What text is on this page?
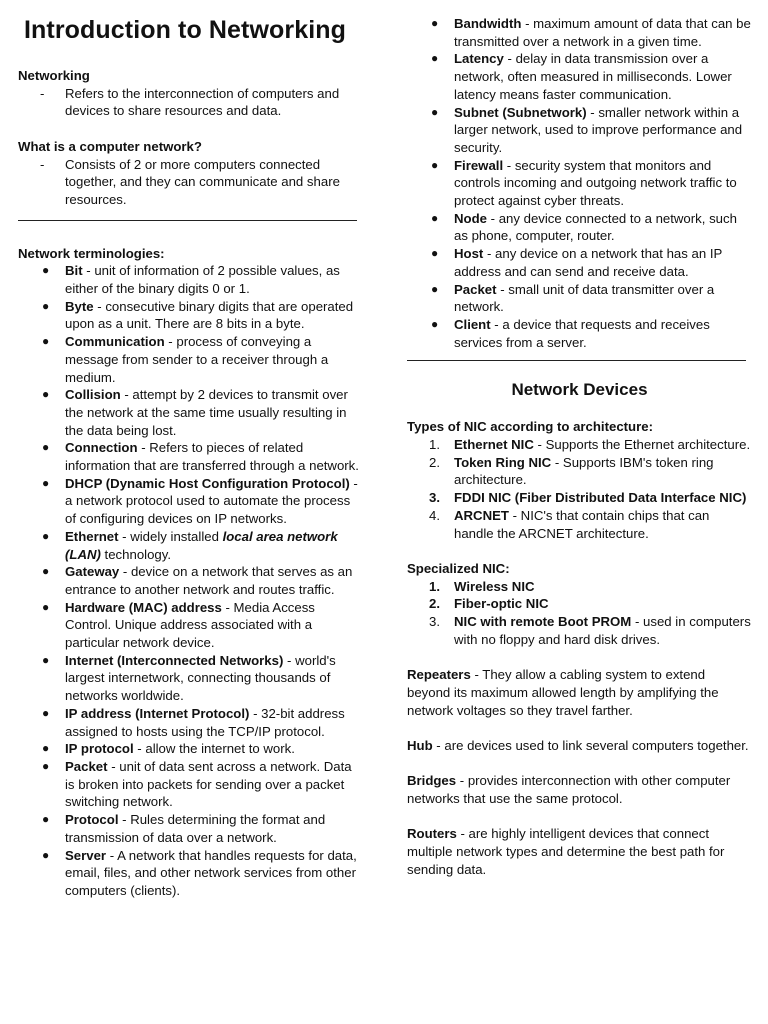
Introduction to Networking

Networking

- Refers to the interconnection of computers and devices to share resources and data.

What is a computer network?

- Consists of 2 or more computers connected together, and they can communicate and share resources.

Network terminologies:

● Bit - unit of information of 2 possible values, as either of the binary digits 0 or 1.
● Byte - consecutive binary digits that are operated upon as a unit. There are 8 bits in a byte.
● Communication - process of conveying a message from sender to a receiver through a medium.
● Collision - attempt by 2 devices to transmit over the network at the same time usually resulting in the data being lost.
● Connection - Refers to pieces of related information that are transferred through a network.
● DHCP (Dynamic Host Configuration Protocol) - a network protocol used to automate the process of configuring devices on IP networks.
● Ethernet - widely installed local area network (LAN) technology.
● Gateway - device on a network that serves as an entrance to another network and routes traffic.
● Hardware (MAC) address - Media Access Control. Unique address associated with a particular network device.
● Internet (Interconnected Networks) - world's largest internetwork, connecting thousands of networks worldwide.
● IP address (Internet Protocol) - 32-bit address assigned to hosts using the TCP/IP protocol.
● IP protocol - allow the internet to work.
● Packet - unit of data sent across a network. Data is broken into packets for sending over a packet switching network.
● Protocol - Rules determining the format and transmission of data over a network.
● Server - A network that handles requests for data, email, files, and other network services from other computers (clients).
● Bandwidth - maximum amount of data that can be transmitted over a network in a given time.
● Latency - delay in data transmission over a network, often measured in milliseconds. Lower latency means faster communication.
● Subnet (Subnetwork) - smaller network within a larger network, used to improve performance and security.
● Firewall - security system that monitors and controls incoming and outgoing network traffic to protect against cyber threats.
● Node - any device connected to a network, such as phone, computer, router.
● Host - any device on a network that has an IP address and can send and receive data.
● Packet - small unit of data transmitter over a network.
● Client - a device that requests and receives services from a server.

Network Devices

Types of NIC according to architecture:

1. Ethernet NIC - Supports the Ethernet architecture.
2. Token Ring NIC - Supports IBM's token ring architecture.
3. FDDI NIC (Fiber Distributed Data Interface NIC)
4. ARCNET - NIC's that contain chips that can handle the ARCNET architecture.

Specialized NIC:

1. Wireless NIC
2. Fiber-optic NIC
3. NIC with remote Boot PROM - used in computers with no floppy and hard disk drives.

Repeaters - They allow a cabling system to extend beyond its maximum allowed length by amplifying the network voltages so they travel farther.

Hub - are devices used to link several computers together.

Bridges - provides interconnection with other computer networks that use the same protocol.

Routers - are highly intelligent devices that connect multiple network types and determine the best path for sending data.
